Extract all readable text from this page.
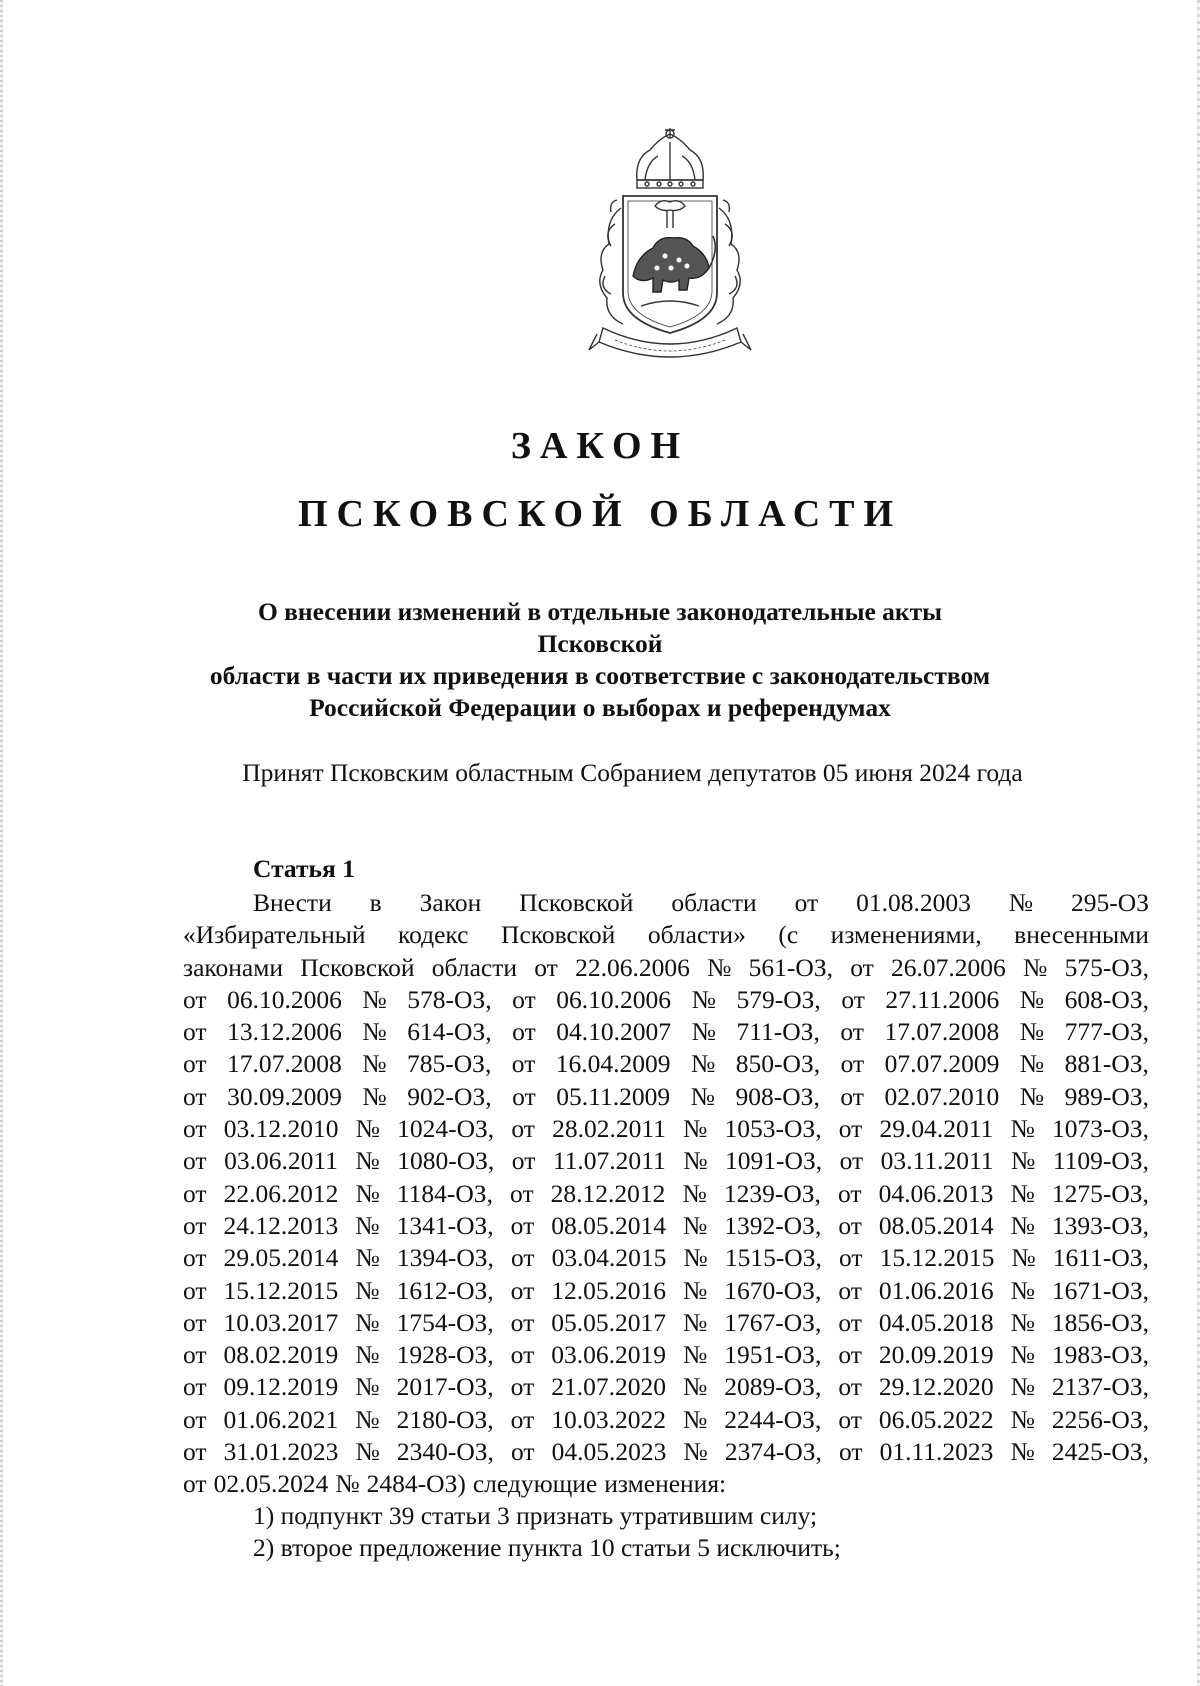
ЗАКОН
ПСКОВСКОЙ ОБЛАСТИ
О внесении изменений в отдельные законодательные акты Псковской
области в части их приведения в соответствие с законодательством
Российской Федерации о выборах и референдумах
Принят Псковским областным Собранием депутатов 05 июня 2024 года
Статья 1
Внести в Закон Псковской области от 01.08.2003 № 295-ОЗ
«Избирательный кодекс Псковской области» (с изменениями, внесенными
законами Псковской области от 22.06.2006 № 561-ОЗ, от 26.07.2006 № 575-ОЗ,
от 06.10.2006 № 578-ОЗ, от 06.10.2006 № 579-ОЗ, от 27.11.2006 № 608-ОЗ,
от 13.12.2006 № 614-ОЗ, от 04.10.2007 № 711-ОЗ, от 17.07.2008 № 777-ОЗ,
от 17.07.2008 № 785-ОЗ, от 16.04.2009 № 850-ОЗ, от 07.07.2009 № 881-ОЗ,
от 30.09.2009 № 902-ОЗ, от 05.11.2009 № 908-ОЗ, от 02.07.2010 № 989-ОЗ,
от 03.12.2010 № 1024-ОЗ, от 28.02.2011 № 1053-ОЗ, от 29.04.2011 № 1073-ОЗ,
от 03.06.2011 № 1080-ОЗ, от 11.07.2011 № 1091-ОЗ, от 03.11.2011 № 1109-ОЗ,
от 22.06.2012 № 1184-ОЗ, от 28.12.2012 № 1239-ОЗ, от 04.06.2013 № 1275-ОЗ,
от 24.12.2013 № 1341-ОЗ, от 08.05.2014 № 1392-ОЗ, от 08.05.2014 № 1393-ОЗ,
от 29.05.2014 № 1394-ОЗ, от 03.04.2015 № 1515-ОЗ, от 15.12.2015 № 1611-ОЗ,
от 15.12.2015 № 1612-ОЗ, от 12.05.2016 № 1670-ОЗ, от 01.06.2016 № 1671-ОЗ,
от 10.03.2017 № 1754-ОЗ, от 05.05.2017 № 1767-ОЗ, от 04.05.2018 № 1856-ОЗ,
от 08.02.2019 № 1928-ОЗ, от 03.06.2019 № 1951-ОЗ, от 20.09.2019 № 1983-ОЗ,
от 09.12.2019 № 2017-ОЗ, от 21.07.2020 № 2089-ОЗ, от 29.12.2020 № 2137-ОЗ,
от 01.06.2021 № 2180-ОЗ, от 10.03.2022 № 2244-ОЗ, от 06.05.2022 № 2256-ОЗ,
от 31.01.2023 № 2340-ОЗ, от 04.05.2023 № 2374-ОЗ, от 01.11.2023 № 2425-ОЗ,
от 02.05.2024 № 2484-ОЗ) следующие изменения:
1) подпункт 39 статьи 3 признать утратившим силу;
2) второе предложение пункта 10 статьи 5 исключить;
